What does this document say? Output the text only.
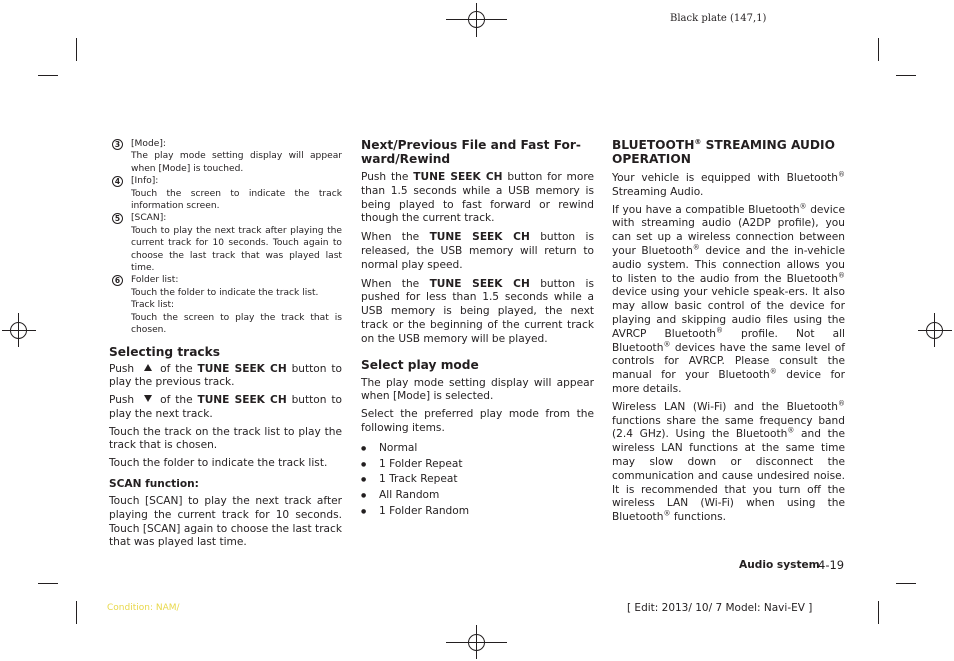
Black plate (147,1)
3	[Mode]:
The play mode setting display will appear when [Mode] is touched.
4	[Info]:
Touch the screen to indicate the track information screen.
5	[SCAN]:
Touch to play the next track after playing the current track for 10 seconds. Touch again to choose the last track that was played last time.
6	Folder list:
Touch the folder to indicate the track list.
Track list:
Touch the screen to play the track that is chosen.
Selecting tracks

Push of the TUNE SEEK CH button to play the previous track.

Push of the TUNE SEEK CH button to play the next track.

Touch the track on the track list to play the track that is chosen.

Touch the folder to indicate the track list.

SCAN function:

Touch [SCAN] to play the next track after playing the current track for 10 seconds. Touch [SCAN] again to choose the last track that was played last time.

Next/Previous File and Fast For-ward/Rewind

Push the TUNE SEEK CH button for more than 1.5 seconds while a USB memory is being played to fast forward or rewind though the current track.

When the TUNE SEEK CH button is released, the USB memory will return to normal play speed.

When the TUNE SEEK CH button is pushed for less than 1.5 seconds while a USB memory is being played, the next track or the beginning of the current track on the USB memory will be played.

Select play mode

The play mode setting display will appear when [Mode] is selected.

Select the preferred play mode from the following items.

● Normal
● 1 Folder Repeat
● 1 Track Repeat
● All Random
● 1 Folder Random
BLUETOOTH® STREAMING AUDIO OPERATION

Your vehicle is equipped with Bluetooth® Streaming Audio.

If you have a compatible Bluetooth® device with streaming audio (A2DP profile), you can set up a wireless connection between your Bluetooth® device and the in-vehicle audio system. This connection allows you to listen to the audio from the Bluetooth® device using your vehicle speak-ers. It also may allow basic control of the device for playing and skipping audio files using the AVRCP Bluetooth® profile. Not all Bluetooth® devices have the same level of controls for AVRCP. Please consult the manual for your Bluetooth® device for more details.

Wireless LAN (Wi-Fi) and the Bluetooth® functions share the same frequency band (2.4 GHz). Using the Bluetooth® and the wireless LAN functions at the same time may slow down or disconnect the communication and cause undesired noise. It is recommended that you turn off the wireless LAN (Wi-Fi) when using the Bluetooth® functions.

Audio system
4-19
Condition: NAM/	[ Edit: 2013/ 10/ 7 Model: Navi-EV ]
